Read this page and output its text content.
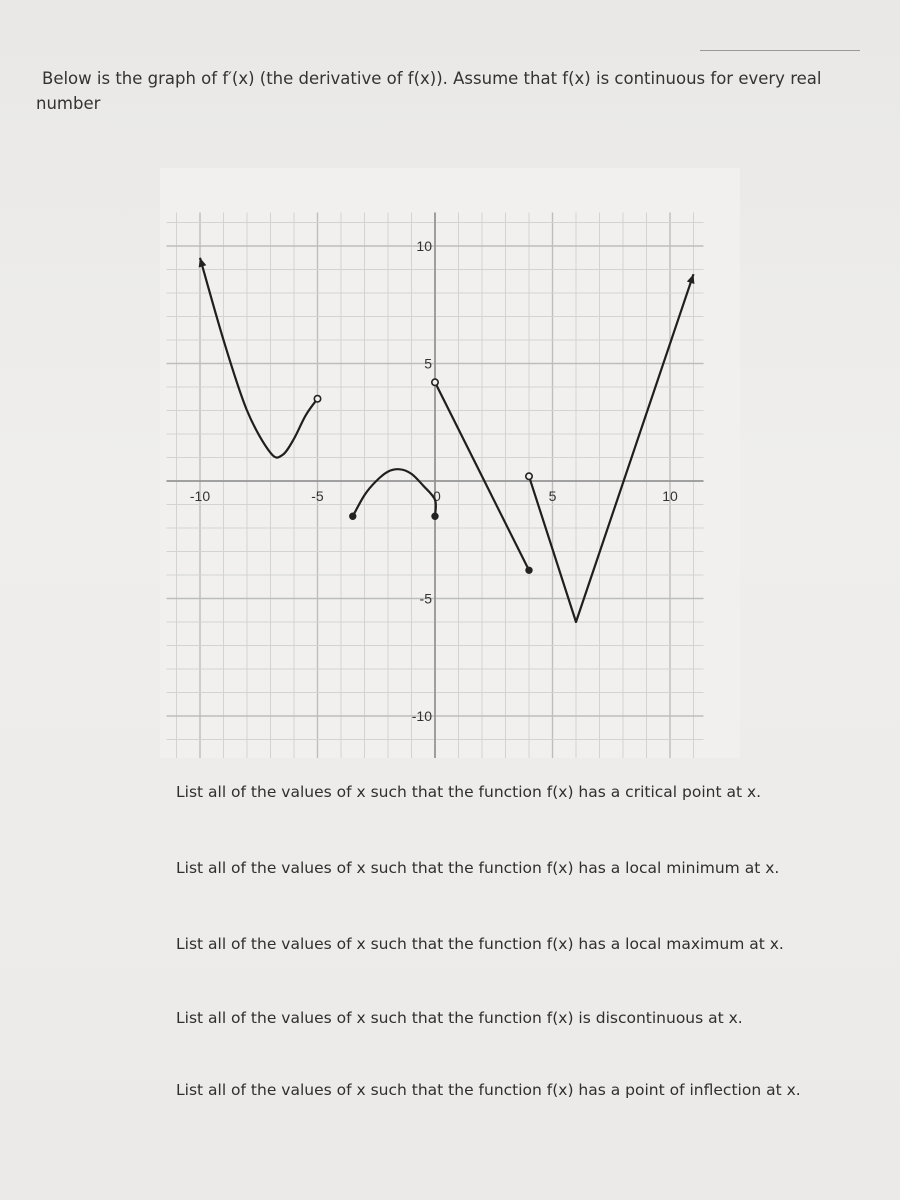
Below is the graph of f′(x) (the derivative of f(x)). Assume that f(x) is continuous for every real
number
-10	-5	0	5	10
10
5
-5
-10
List all of the values of x such that the function f(x) has a critical point at x.
List all of the values of x such that the function f(x) has a local minimum at x.
List all of the values of x such that the function f(x) has a local maximum at x.
List all of the values of x such that the function f(x) is discontinuous at x.
List all of the values of x such that the function f(x) has a point of inflection at x.
